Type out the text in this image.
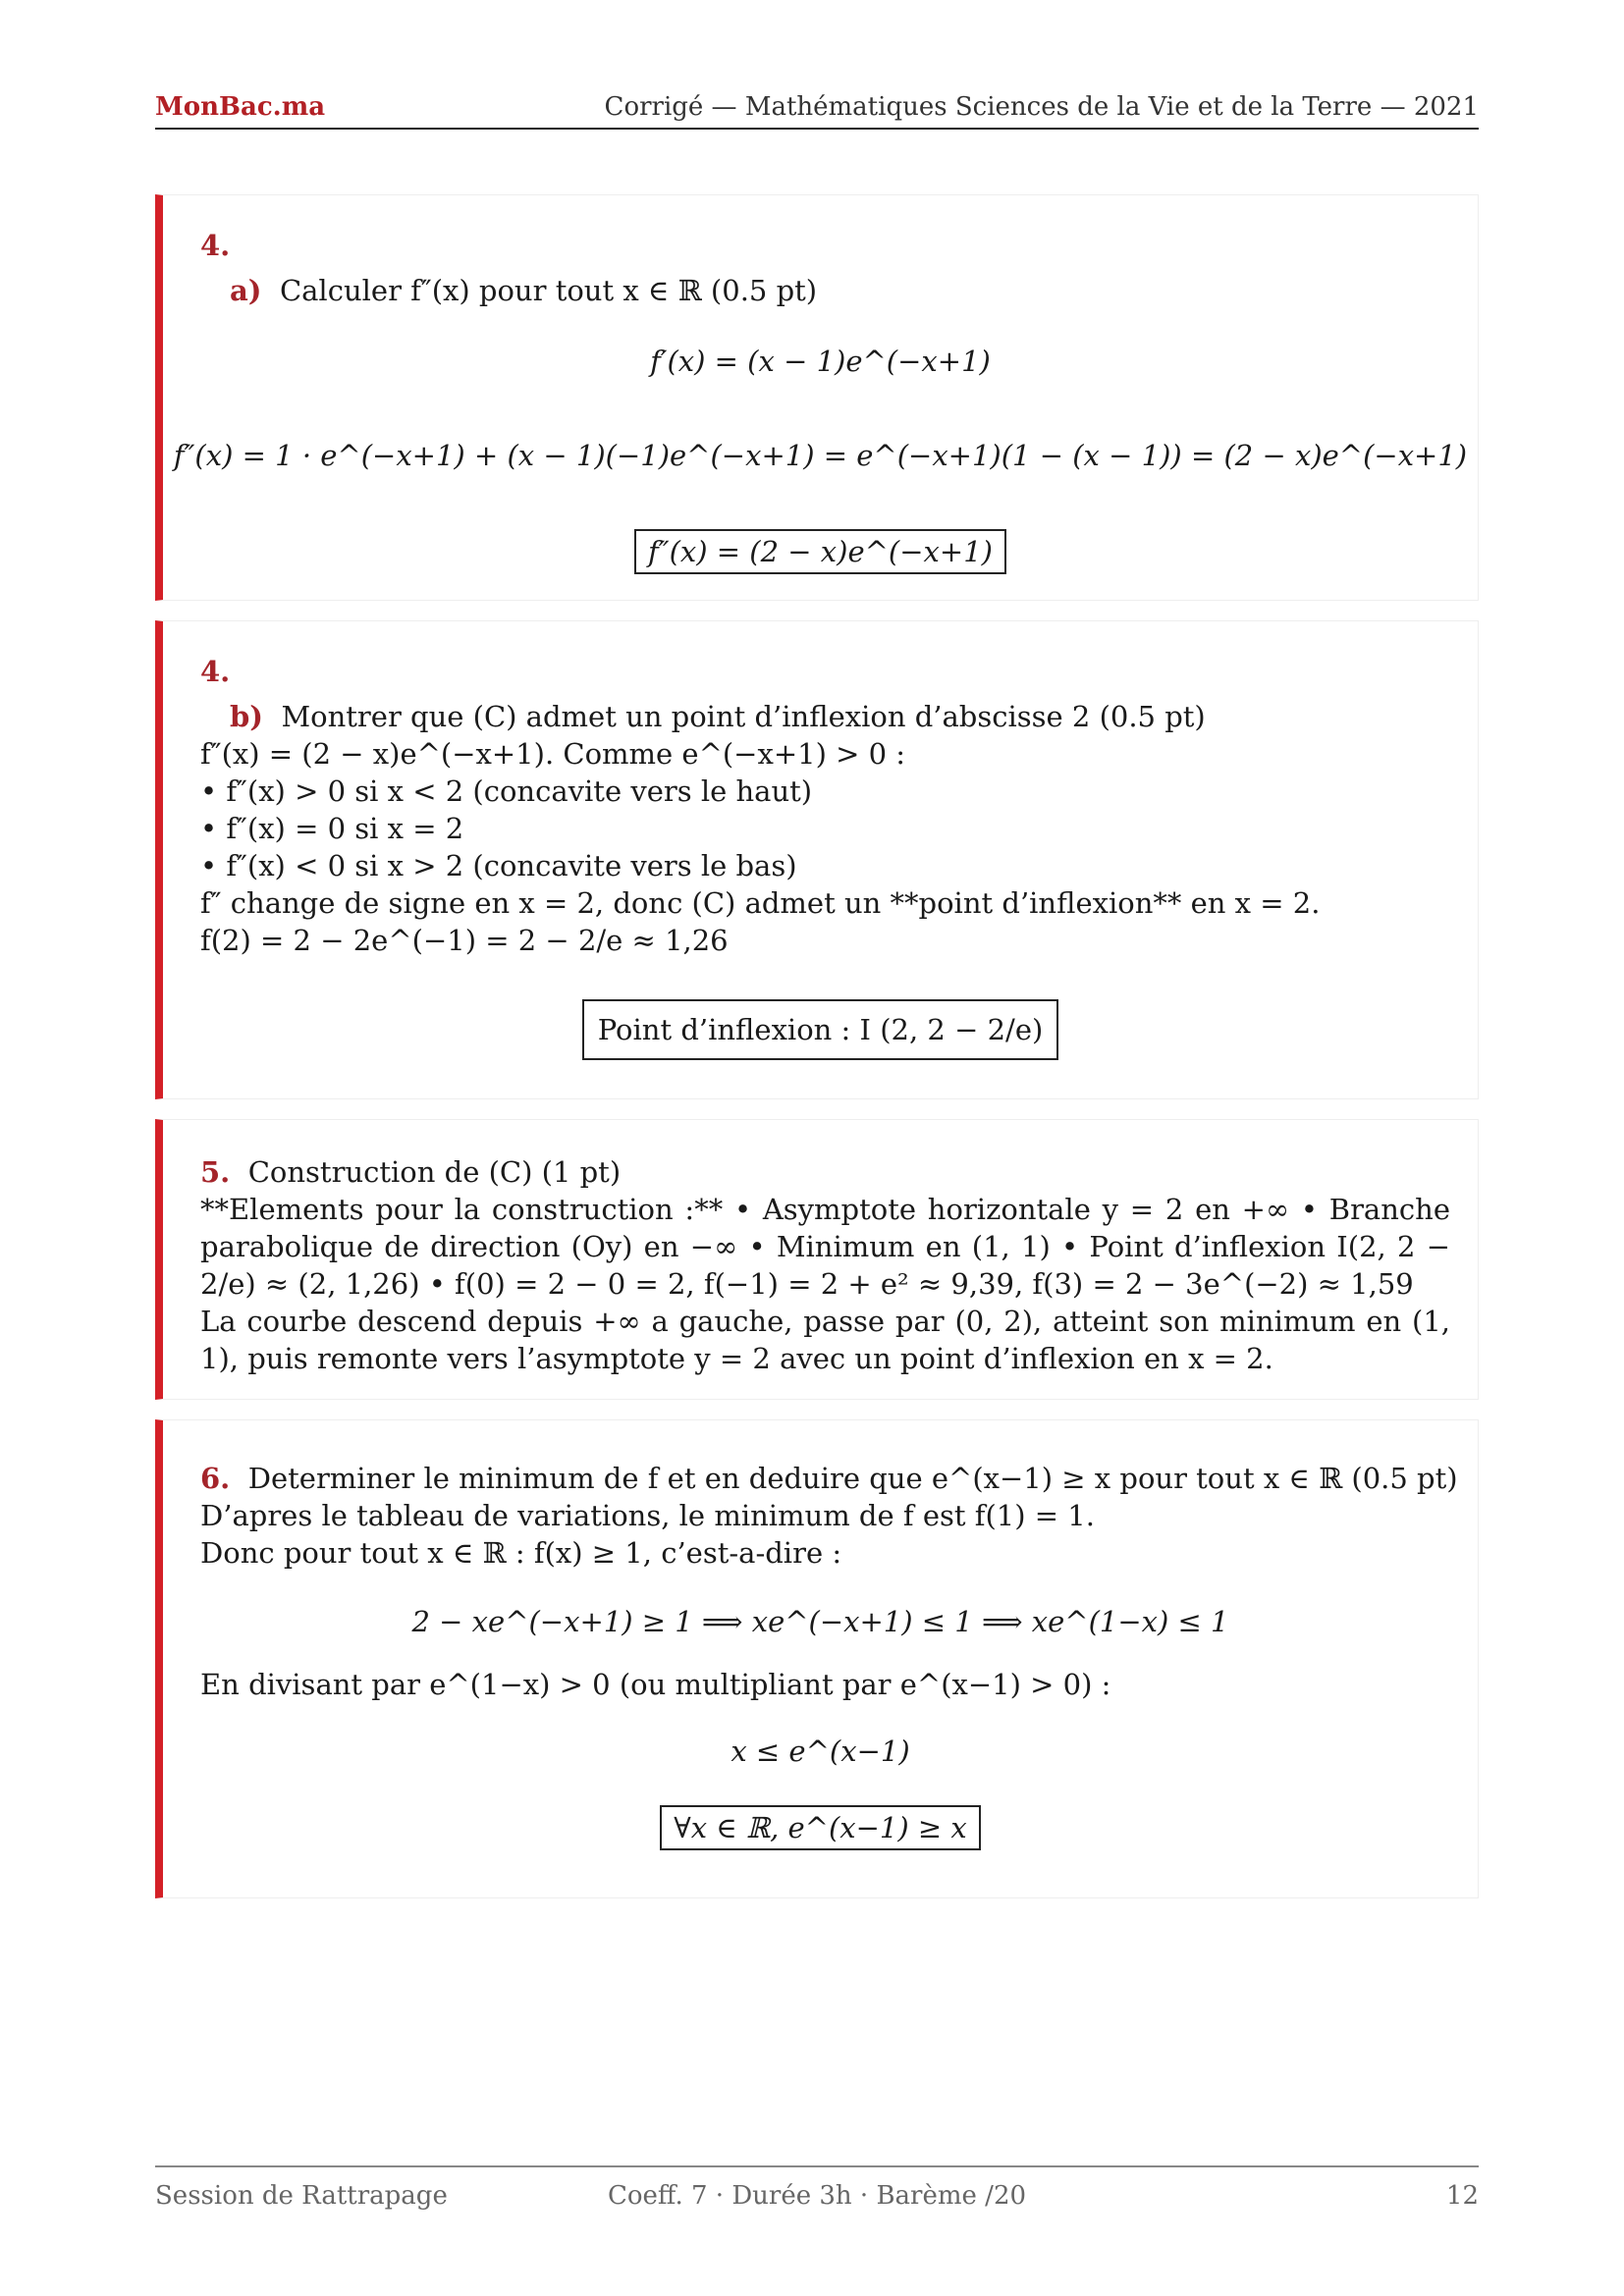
MonBac.ma	Corrigé — Mathématiques Sciences de la Vie et de la Terre — 2021
4.
a) Calculer f″(x) pour tout x ∈ ℝ (0.5 pt)
f′(x) = (x − 1)e^(−x+1)
f″(x) = 1 · e^(−x+1) + (x − 1)(−1)e^(−x+1) = e^(−x+1)(1 − (x − 1)) = (2 − x)e^(−x+1)
f″(x) = (2 − x)e^(−x+1)
4.
b) Montrer que (C) admet un point d’inflexion d’abscisse 2 (0.5 pt)
f″(x) = (2 − x)e^(−x+1). Comme e^(−x+1) > 0 :
• f″(x) > 0 si x < 2 (concavite vers le haut)
• f″(x) = 0 si x = 2
• f″(x) < 0 si x > 2 (concavite vers le bas)
f″ change de signe en x = 2, donc (C) admet un **point d’inflexion** en x = 2.
f(2) = 2 − 2e^(−1) = 2 − 2/e ≈ 1,26
Point d’inflexion : I (2, 2 − 2/e)
5. Construction de (C) (1 pt)
**Elements pour la construction :** • Asymptote horizontale y = 2 en +∞ • Branche parabolique de direction (Oy) en −∞ • Minimum en (1, 1) • Point d’inflexion I(2, 2 − 2/e) ≈ (2, 1,26) • f(0) = 2 − 0 = 2, f(−1) = 2 + e² ≈ 9,39, f(3) = 2 − 3e^(−2) ≈ 1,59
La courbe descend depuis +∞ a gauche, passe par (0, 2), atteint son minimum en (1, 1), puis remonte vers l’asymptote y = 2 avec un point d’inflexion en x = 2.
6. Determiner le minimum de f et en deduire que e^(x−1) ≥ x pour tout x ∈ ℝ (0.5 pt)
D’apres le tableau de variations, le minimum de f est f(1) = 1.
Donc pour tout x ∈ ℝ : f(x) ≥ 1, c’est-a-dire :
2 − xe^(−x+1) ≥ 1 ⟹ xe^(−x+1) ≤ 1 ⟹ xe^(1−x) ≤ 1
En divisant par e^(1−x) > 0 (ou multipliant par e^(x−1) > 0) :
x ≤ e^(x−1)
∀x ∈ ℝ, e^(x−1) ≥ x
Session de Rattrapage	Coeff. 7 · Durée 3h · Barème /20	12
